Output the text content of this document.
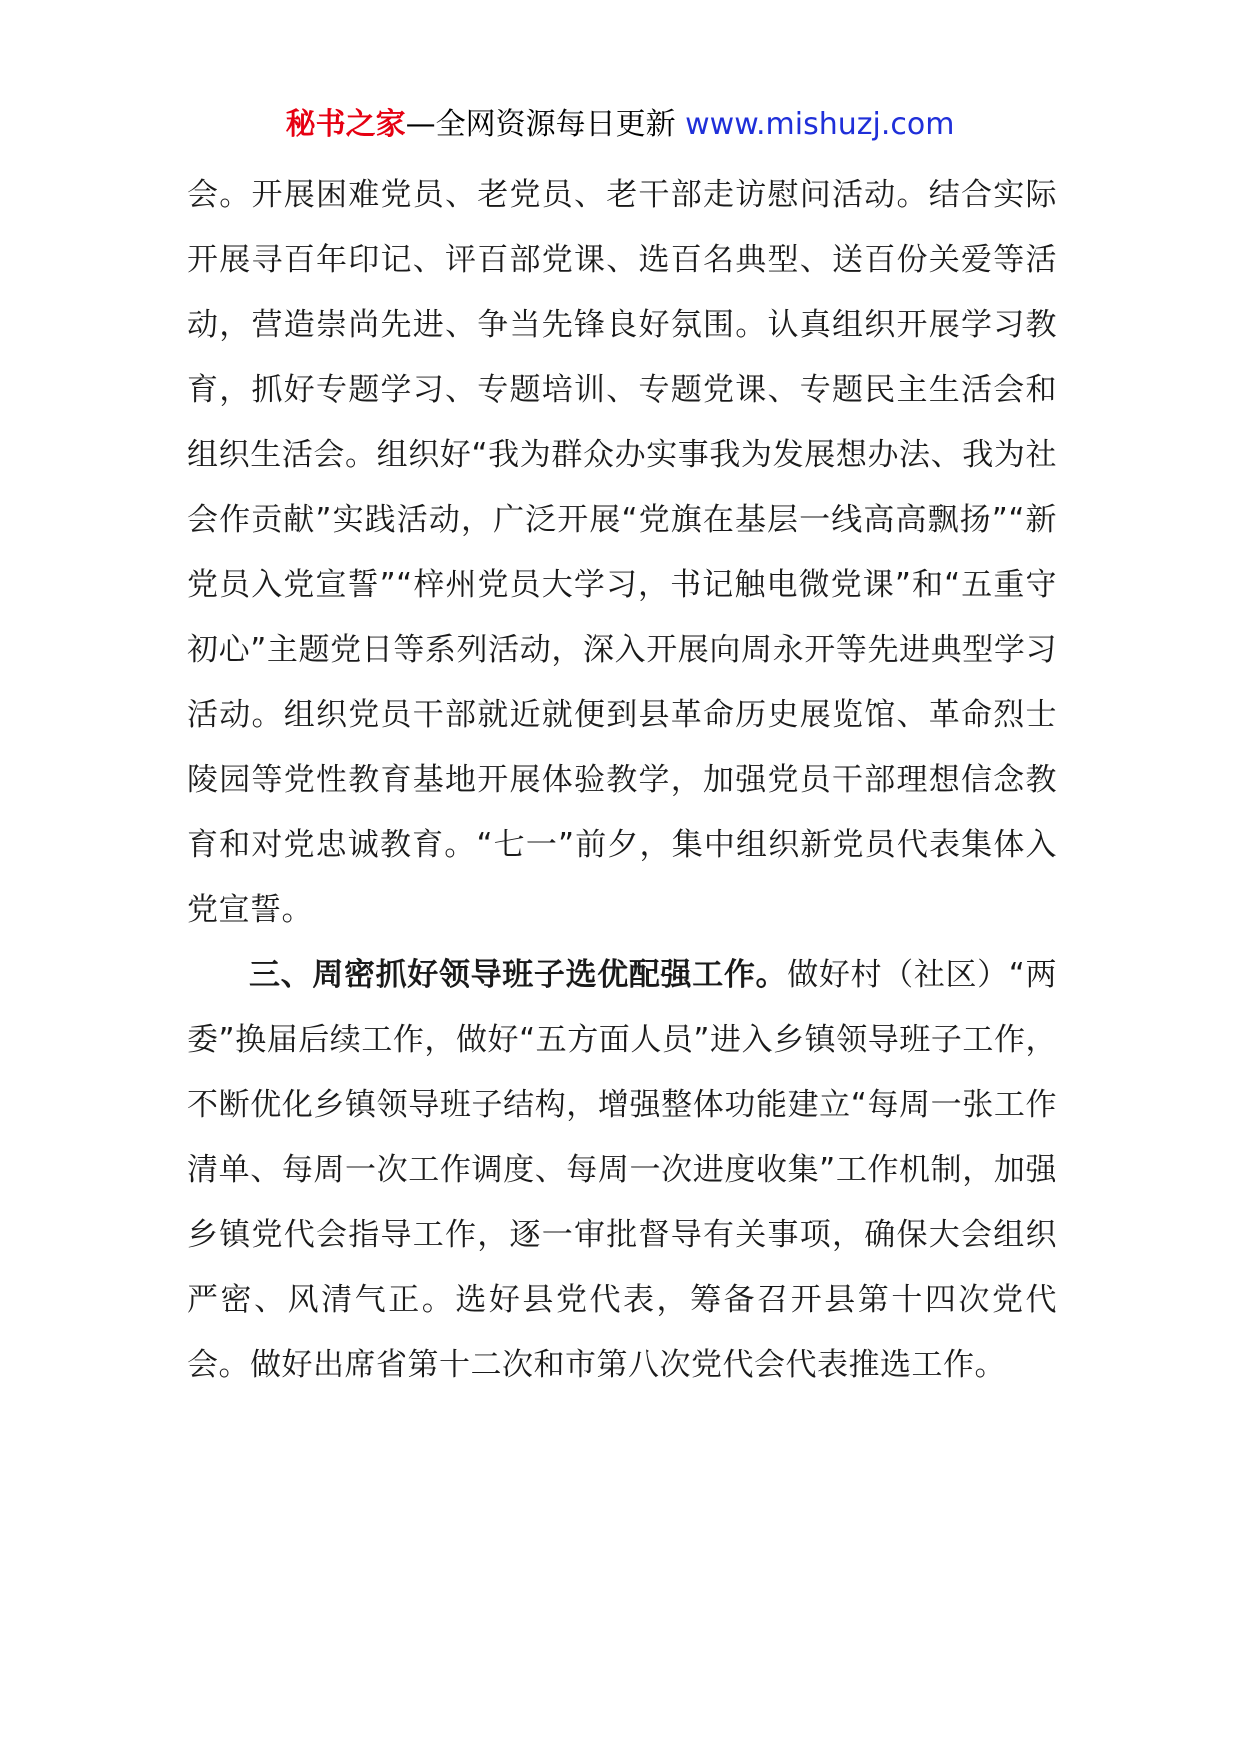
秘书之家—全网资源每日更新 www.mishuzj.com

会。开展困难党员、老党员、老干部走访慰问活动。结合实际开展寻百年印记、评百部党课、选百名典型、送百份关爱等活动，营造崇尚先进、争当先锋良好氛围。认真组织开展学习教育，抓好专题学习、专题培训、专题党课、专题民主生活会和组织生活会。组织好“我为群众办实事我为发展想办法、我为社会作贡献”实践活动，广泛开展“党旗在基层一线高高飘扬”“新党员入党宣誓”“梓州党员大学习，书记触电微党课”和“五重守初心”主题党日等系列活动，深入开展向周永开等先进典型学习活动。组织党员干部就近就便到县革命历史展览馆、革命烈士陵园等党性教育基地开展体验教学，加强党员干部理想信念教育和对党忠诚教育。“七一”前夕，集中组织新党员代表集体入党宣誓。

三、周密抓好领导班子选优配强工作。做好村（社区）“两委”换届后续工作，做好“五方面人员”进入乡镇领导班子工作，不断优化乡镇领导班子结构，增强整体功能建立“每周一张工作清单、每周一次工作调度、每周一次进度收集”工作机制，加强乡镇党代会指导工作，逐一审批督导有关事项，确保大会组织严密、风清气正。选好县党代表，筹备召开县第十四次党代会。做好出席省第十二次和市第八次党代会代表推选工作。
